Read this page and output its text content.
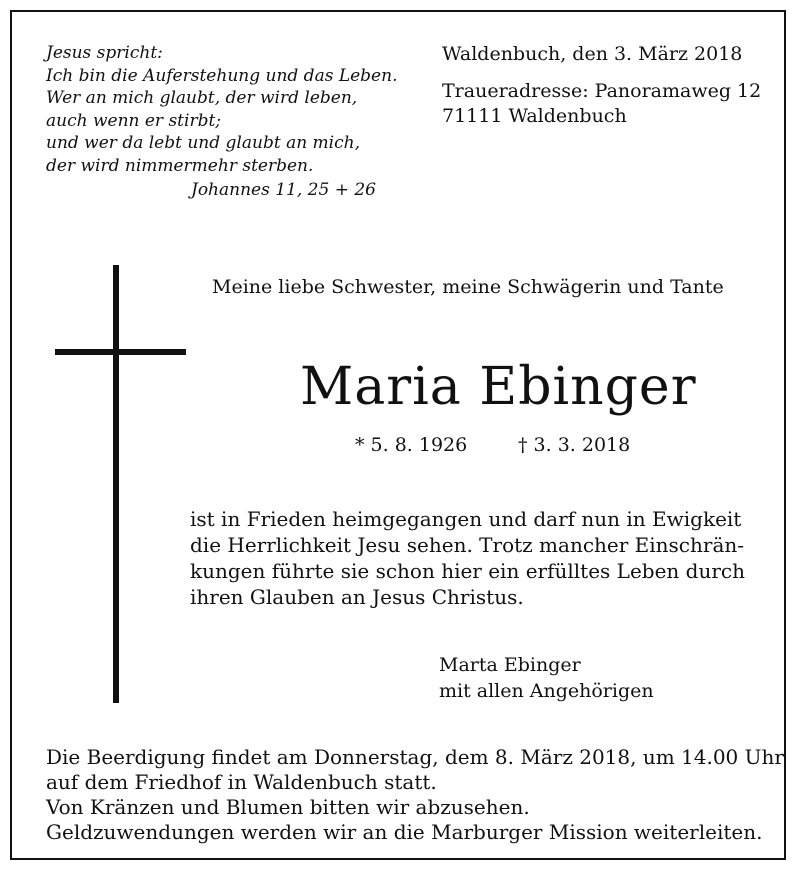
Jesus spricht:
Ich bin die Auferstehung und das Leben.
Wer an mich glaubt, der wird leben,
auch wenn er stirbt;
und wer da lebt und glaubt an mich,
der wird nimmermehr sterben.
Johannes 11, 25 + 26
Waldenbuch, den 3. März 2018
Traueradresse: Panoramaweg 12
71111 Waldenbuch
Meine liebe Schwester, meine Schwägerin und Tante
Maria Ebinger
* 5. 8. 1926	† 3. 3. 2018
ist in Frieden heimgegangen und darf nun in Ewigkeit
die Herrlichkeit Jesu sehen. Trotz mancher Einschrän-
kungen führte sie schon hier ein erfülltes Leben durch
ihren Glauben an Jesus Christus.
Marta Ebinger
mit allen Angehörigen
Die Beerdigung findet am Donnerstag, dem 8. März 2018, um 14.00 Uhr
auf dem Friedhof in Waldenbuch statt.
Von Kränzen und Blumen bitten wir abzusehen.
Geldzuwendungen werden wir an die Marburger Mission weiterleiten.
